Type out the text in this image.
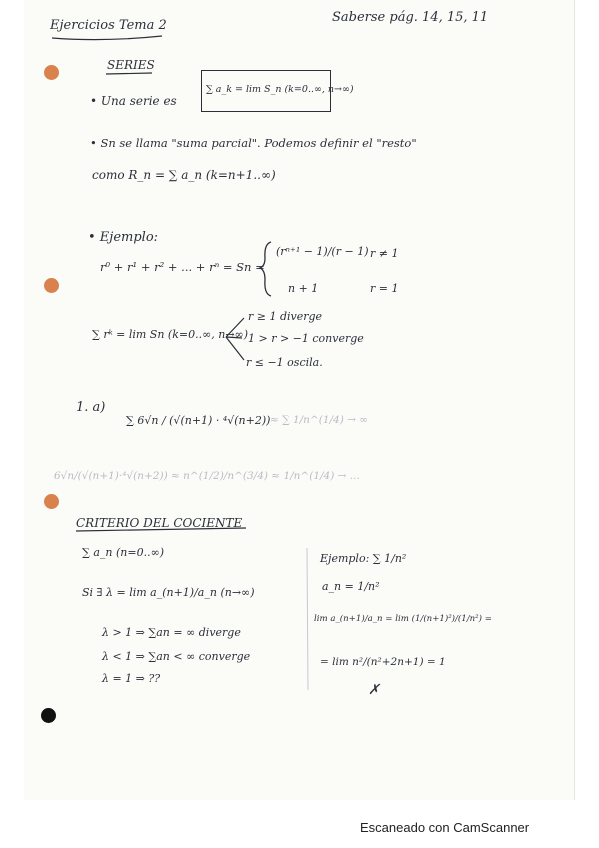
Ejercicios Tema 2
Saberse pág. 14, 15, 11
SERIES
• Una serie es
∑ a_k = lim S_n (k=0..∞, n→∞)
• Sn se llama "suma parcial". Podemos definir el "resto"
como R_n = ∑ a_n (k=n+1..∞)
• Ejemplo:
r⁰ + r¹ + r² + ... + rⁿ = Sn =
(rⁿ⁺¹ − 1)/(r − 1) r ≠ 1
n + 1	r = 1
∑ rᵏ = lim Sn (k=0..∞, n→∞)
r ≥ 1 diverge
1 > r > −1 converge
r ≤ −1 oscila.
1. a)
∑ 6√n / (√(n+1) · ⁴√(n+2)) ≈ ∑ 1/n^(1/4) → ∞
6√n/(√(n+1)·⁴√(n+2)) ≈ n^(1/2)/n^(3/4) ≈ 1/n^(1/4) → ...
CRITERIO DEL COCIENTE
∑ a_n (n=0..∞)
Si ∃ λ = lim a_(n+1)/a_n (n→∞)
λ > 1 ⇒ ∑an = ∞ diverge
λ < 1 ⇒ ∑an < ∞ converge
λ = 1 ⇒ ??
Ejemplo: ∑ 1/n²
a_n = 1/n²
lim a_(n+1)/a_n = lim (1/(n+1)²)/(1/n²) =
= lim n²/(n²+2n+1) = 1
✗
Escaneado con CamScanner
